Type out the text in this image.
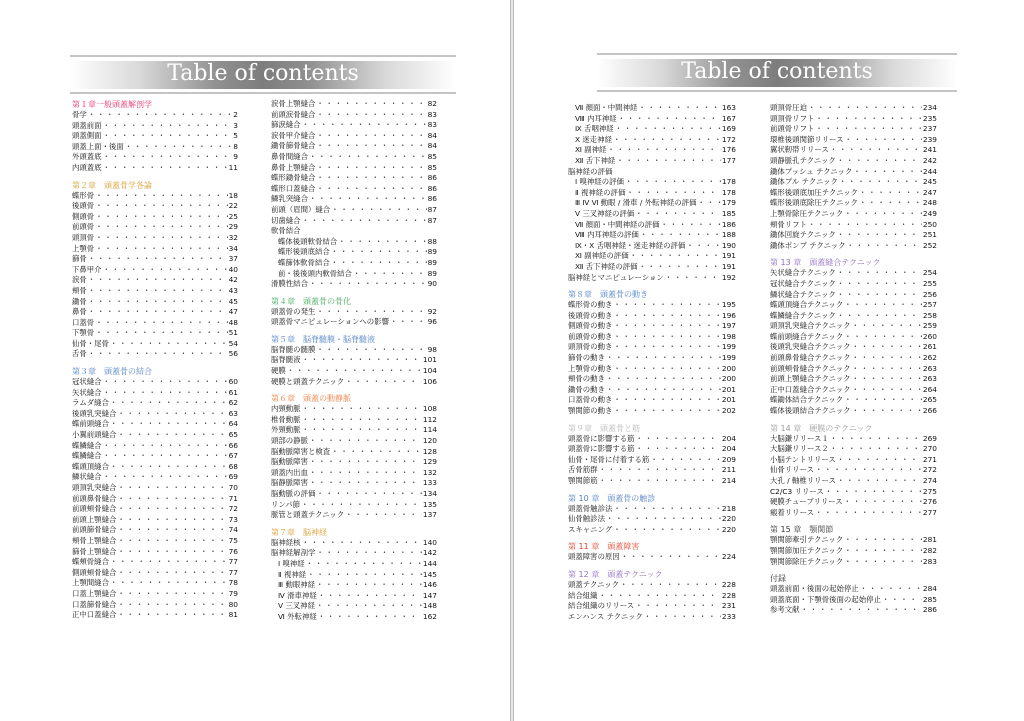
Table of contents
第１章一般頭蓋解剖学
骨学 ・・・・・・・・・・・・・・・・・・・・・・・・・・・・・・・・・・・・・・・・・・・・・・・・	2
頭蓋前面 ・・・・・・・・・・・・・・・・・・・・・・・・・・・・・・・・・・・・・・・・・・・・・・・・	3
頭蓋側面 ・・・・・・・・・・・・・・・・・・・・・・・・・・・・・・・・・・・・・・・・・・・・・・・・	5
頭蓋上面・後面 ・・・・・・・・・・・・・・・・・・・・・・・・・・・・・・・・・・・・・・・・・・・・・・・・	8
外頭蓋底 ・・・・・・・・・・・・・・・・・・・・・・・・・・・・・・・・・・・・・・・・・・・・・・・・	9
内頭蓋底 ・・・・・・・・・・・・・・・・・・・・・・・・・・・・・・・・・・・・・・・・・・・・・・・・	11
第２章　頭蓋骨学各論
蝶形骨 ・・・・・・・・・・・・・・・・・・・・・・・・・・・・・・・・・・・・・・・・・・・・・・・・	18
後頭骨 ・・・・・・・・・・・・・・・・・・・・・・・・・・・・・・・・・・・・・・・・・・・・・・・・	22
側頭骨 ・・・・・・・・・・・・・・・・・・・・・・・・・・・・・・・・・・・・・・・・・・・・・・・・	25
前頭骨 ・・・・・・・・・・・・・・・・・・・・・・・・・・・・・・・・・・・・・・・・・・・・・・・・	29
頭頂骨 ・・・・・・・・・・・・・・・・・・・・・・・・・・・・・・・・・・・・・・・・・・・・・・・・	32
上顎骨 ・・・・・・・・・・・・・・・・・・・・・・・・・・・・・・・・・・・・・・・・・・・・・・・・	34
篩骨 ・・・・・・・・・・・・・・・・・・・・・・・・・・・・・・・・・・・・・・・・・・・・・・・・	37
下鼻甲介 ・・・・・・・・・・・・・・・・・・・・・・・・・・・・・・・・・・・・・・・・・・・・・・・・	40
涙骨 ・・・・・・・・・・・・・・・・・・・・・・・・・・・・・・・・・・・・・・・・・・・・・・・・	42
頬骨 ・・・・・・・・・・・・・・・・・・・・・・・・・・・・・・・・・・・・・・・・・・・・・・・・	43
鋤骨 ・・・・・・・・・・・・・・・・・・・・・・・・・・・・・・・・・・・・・・・・・・・・・・・・	45
鼻骨 ・・・・・・・・・・・・・・・・・・・・・・・・・・・・・・・・・・・・・・・・・・・・・・・・	47
口蓋骨 ・・・・・・・・・・・・・・・・・・・・・・・・・・・・・・・・・・・・・・・・・・・・・・・・	48
下顎骨 ・・・・・・・・・・・・・・・・・・・・・・・・・・・・・・・・・・・・・・・・・・・・・・・・	51
仙骨・尾骨 ・・・・・・・・・・・・・・・・・・・・・・・・・・・・・・・・・・・・・・・・・・・・・・・・	54
舌骨 ・・・・・・・・・・・・・・・・・・・・・・・・・・・・・・・・・・・・・・・・・・・・・・・・	56
第３章　頭蓋骨の結合
冠状縫合 ・・・・・・・・・・・・・・・・・・・・・・・・・・・・・・・・・・・・・・・・・・・・・・・・	60
矢状縫合 ・・・・・・・・・・・・・・・・・・・・・・・・・・・・・・・・・・・・・・・・・・・・・・・・	61
ラムダ縫合 ・・・・・・・・・・・・・・・・・・・・・・・・・・・・・・・・・・・・・・・・・・・・・・・・	62
後頭乳突縫合 ・・・・・・・・・・・・・・・・・・・・・・・・・・・・・・・・・・・・・・・・・・・・・・・・	63
蝶前頭縫合 ・・・・・・・・・・・・・・・・・・・・・・・・・・・・・・・・・・・・・・・・・・・・・・・・	64
小翼前頭縫合 ・・・・・・・・・・・・・・・・・・・・・・・・・・・・・・・・・・・・・・・・・・・・・・・・	65
蝶鱗縫合 ・・・・・・・・・・・・・・・・・・・・・・・・・・・・・・・・・・・・・・・・・・・・・・・・	66
蝶鱗縫合 ・・・・・・・・・・・・・・・・・・・・・・・・・・・・・・・・・・・・・・・・・・・・・・・・	67
蝶頭頂縫合 ・・・・・・・・・・・・・・・・・・・・・・・・・・・・・・・・・・・・・・・・・・・・・・・・	68
鱗状縫合 ・・・・・・・・・・・・・・・・・・・・・・・・・・・・・・・・・・・・・・・・・・・・・・・・	69
頭頂乳突縫合 ・・・・・・・・・・・・・・・・・・・・・・・・・・・・・・・・・・・・・・・・・・・・・・・・	70
前頭鼻骨縫合 ・・・・・・・・・・・・・・・・・・・・・・・・・・・・・・・・・・・・・・・・・・・・・・・・	71
前頭頬骨縫合 ・・・・・・・・・・・・・・・・・・・・・・・・・・・・・・・・・・・・・・・・・・・・・・・・	72
前頭上顎縫合 ・・・・・・・・・・・・・・・・・・・・・・・・・・・・・・・・・・・・・・・・・・・・・・・・	73
前頭篩骨縫合 ・・・・・・・・・・・・・・・・・・・・・・・・・・・・・・・・・・・・・・・・・・・・・・・・	74
頬骨上顎縫合 ・・・・・・・・・・・・・・・・・・・・・・・・・・・・・・・・・・・・・・・・・・・・・・・・	75
篩骨上顎縫合 ・・・・・・・・・・・・・・・・・・・・・・・・・・・・・・・・・・・・・・・・・・・・・・・・	76
蝶頬骨縫合 ・・・・・・・・・・・・・・・・・・・・・・・・・・・・・・・・・・・・・・・・・・・・・・・・	77
側頭頬骨縫合 ・・・・・・・・・・・・・・・・・・・・・・・・・・・・・・・・・・・・・・・・・・・・・・・・	77
上顎間縫合 ・・・・・・・・・・・・・・・・・・・・・・・・・・・・・・・・・・・・・・・・・・・・・・・・	78
口蓋上顎縫合 ・・・・・・・・・・・・・・・・・・・・・・・・・・・・・・・・・・・・・・・・・・・・・・・・	79
口蓋篩骨縫合 ・・・・・・・・・・・・・・・・・・・・・・・・・・・・・・・・・・・・・・・・・・・・・・・・	80
正中口蓋縫合 ・・・・・・・・・・・・・・・・・・・・・・・・・・・・・・・・・・・・・・・・・・・・・・・・	81
涙骨上顎縫合 ・・・・・・・・・・・・・・・・・・・・・・・・・・・・・・・・・・・・・・・・・・・・・・・・	82
前頭涙骨縫合 ・・・・・・・・・・・・・・・・・・・・・・・・・・・・・・・・・・・・・・・・・・・・・・・・	83
篩涙縫合 ・・・・・・・・・・・・・・・・・・・・・・・・・・・・・・・・・・・・・・・・・・・・・・・・	83
涙骨甲介縫合 ・・・・・・・・・・・・・・・・・・・・・・・・・・・・・・・・・・・・・・・・・・・・・・・・	84
鋤骨篩骨縫合 ・・・・・・・・・・・・・・・・・・・・・・・・・・・・・・・・・・・・・・・・・・・・・・・・	84
鼻骨間縫合 ・・・・・・・・・・・・・・・・・・・・・・・・・・・・・・・・・・・・・・・・・・・・・・・・	85
鼻骨上顎縫合 ・・・・・・・・・・・・・・・・・・・・・・・・・・・・・・・・・・・・・・・・・・・・・・・・	85
蝶形鋤骨縫合 ・・・・・・・・・・・・・・・・・・・・・・・・・・・・・・・・・・・・・・・・・・・・・・・・	86
蝶形口蓋縫合 ・・・・・・・・・・・・・・・・・・・・・・・・・・・・・・・・・・・・・・・・・・・・・・・・	86
鱗乳突縫合 ・・・・・・・・・・・・・・・・・・・・・・・・・・・・・・・・・・・・・・・・・・・・・・・・	86
前頭（眉間）縫合 ・・・・・・・・・・・・・・・・・・・・・・・・・・・・・・・・・・・・・・・・・・・・・・・・	87
切歯縫合 ・・・・・・・・・・・・・・・・・・・・・・・・・・・・・・・・・・・・・・・・・・・・・・・・	87
軟骨結合
蝶体後頭軟骨結合 ・・・・・・・・・・・・・・・・・・・・・・・・・・・・・・・・・・・・・・・・・・・・・・・・	88
蝶形後頭底結合 ・・・・・・・・・・・・・・・・・・・・・・・・・・・・・・・・・・・・・・・・・・・・・・・・	89
蝶篩体軟骨結合 ・・・・・・・・・・・・・・・・・・・・・・・・・・・・・・・・・・・・・・・・・・・・・・・・	89
前・後後頭内軟骨結合 ・・・・・・・・・・・・・・・・・・・・・・・・・・・・・・・・・・・・・・・・・・・・・・・・	89
滑膜性結合 ・・・・・・・・・・・・・・・・・・・・・・・・・・・・・・・・・・・・・・・・・・・・・・・・	90
第４章　頭蓋骨の骨化
頭蓋骨の発生 ・・・・・・・・・・・・・・・・・・・・・・・・・・・・・・・・・・・・・・・・・・・・・・・・	92
頭蓋骨マニピュレーションへの影響 ・・・・・・・・・・・・・・・・・・・・・・・・・・・・・・・・・・・・・・・・・・・・・・・・	96
第５章　脳脊髄膜・脳脊髄液
脳脊髄の髄膜 ・・・・・・・・・・・・・・・・・・・・・・・・・・・・・・・・・・・・・・・・・・・・・・・・	98
脳脊髄液 ・・・・・・・・・・・・・・・・・・・・・・・・・・・・・・・・・・・・・・・・・・・・・・・・	101
硬膜 ・・・・・・・・・・・・・・・・・・・・・・・・・・・・・・・・・・・・・・・・・・・・・・・・	104
硬膜と頭蓋テクニック ・・・・・・・・・・・・・・・・・・・・・・・・・・・・・・・・・・・・・・・・・・・・・・・・	106
第６章　頭蓋の動静脈
内頸動脈 ・・・・・・・・・・・・・・・・・・・・・・・・・・・・・・・・・・・・・・・・・・・・・・・・	108
椎骨動脈 ・・・・・・・・・・・・・・・・・・・・・・・・・・・・・・・・・・・・・・・・・・・・・・・・	112
外頸動脈 ・・・・・・・・・・・・・・・・・・・・・・・・・・・・・・・・・・・・・・・・・・・・・・・・	114
頭部の静脈 ・・・・・・・・・・・・・・・・・・・・・・・・・・・・・・・・・・・・・・・・・・・・・・・・	120
脳動脈障害と検査 ・・・・・・・・・・・・・・・・・・・・・・・・・・・・・・・・・・・・・・・・・・・・・・・・	128
脳動脈障害 ・・・・・・・・・・・・・・・・・・・・・・・・・・・・・・・・・・・・・・・・・・・・・・・・	129
頭蓋内出血 ・・・・・・・・・・・・・・・・・・・・・・・・・・・・・・・・・・・・・・・・・・・・・・・・	132
脳静脈障害 ・・・・・・・・・・・・・・・・・・・・・・・・・・・・・・・・・・・・・・・・・・・・・・・・	133
脳動脈の評価 ・・・・・・・・・・・・・・・・・・・・・・・・・・・・・・・・・・・・・・・・・・・・・・・・	134
リンパ節 ・・・・・・・・・・・・・・・・・・・・・・・・・・・・・・・・・・・・・・・・・・・・・・・・	135
脈管と頭蓋テクニック ・・・・・・・・・・・・・・・・・・・・・・・・・・・・・・・・・・・・・・・・・・・・・・・・	137
第７章　脳神経
脳神経核 ・・・・・・・・・・・・・・・・・・・・・・・・・・・・・・・・・・・・・・・・・・・・・・・・	140
脳神経解剖学 ・・・・・・・・・・・・・・・・・・・・・・・・・・・・・・・・・・・・・・・・・・・・・・・・	142
Ⅰ 嗅神経 ・・・・・・・・・・・・・・・・・・・・・・・・・・・・・・・・・・・・・・・・・・・・・・・・	144
Ⅱ 視神経 ・・・・・・・・・・・・・・・・・・・・・・・・・・・・・・・・・・・・・・・・・・・・・・・・	145
Ⅲ 動眼神経 ・・・・・・・・・・・・・・・・・・・・・・・・・・・・・・・・・・・・・・・・・・・・・・・・	146
Ⅳ 滑車神経 ・・・・・・・・・・・・・・・・・・・・・・・・・・・・・・・・・・・・・・・・・・・・・・・・	147
Ⅴ 三叉神経 ・・・・・・・・・・・・・・・・・・・・・・・・・・・・・・・・・・・・・・・・・・・・・・・・	148
Ⅵ 外転神経 ・・・・・・・・・・・・・・・・・・・・・・・・・・・・・・・・・・・・・・・・・・・・・・・・	162
Table of contents
Ⅶ 顔面・中間神経 ・・・・・・・・・・・・・・・・・・・・・・・・・・・・・・・・・・・・・・・・・・・・・・・・	163
Ⅷ 内耳神経 ・・・・・・・・・・・・・・・・・・・・・・・・・・・・・・・・・・・・・・・・・・・・・・・・	167
Ⅸ 舌咽神経 ・・・・・・・・・・・・・・・・・・・・・・・・・・・・・・・・・・・・・・・・・・・・・・・・	169
Ⅹ 迷走神経 ・・・・・・・・・・・・・・・・・・・・・・・・・・・・・・・・・・・・・・・・・・・・・・・・	172
Ⅺ 副神経 ・・・・・・・・・・・・・・・・・・・・・・・・・・・・・・・・・・・・・・・・・・・・・・・・	176
Ⅻ 舌下神経 ・・・・・・・・・・・・・・・・・・・・・・・・・・・・・・・・・・・・・・・・・・・・・・・・	177
脳神経の評価
Ⅰ 嗅神経の評価 ・・・・・・・・・・・・・・・・・・・・・・・・・・・・・・・・・・・・・・・・・・・・・・・・	178
Ⅱ 視神経の評価 ・・・・・・・・・・・・・・・・・・・・・・・・・・・・・・・・・・・・・・・・・・・・・・・・	178
Ⅲ Ⅳ Ⅵ 動眼 / 滑車 / 外転神経の評価 ・・・・・・・・・・・・・・・・・・・・・・・・・・・・・・・・・・・・・・・・・・・・・・・・	179
Ⅴ 三叉神経の評価 ・・・・・・・・・・・・・・・・・・・・・・・・・・・・・・・・・・・・・・・・・・・・・・・・	185
Ⅶ 顔面・中間神経の評価 ・・・・・・・・・・・・・・・・・・・・・・・・・・・・・・・・・・・・・・・・・・・・・・・・	186
Ⅷ 内耳神経の評価 ・・・・・・・・・・・・・・・・・・・・・・・・・・・・・・・・・・・・・・・・・・・・・・・・	188
Ⅸ・Ⅹ 舌咽神経・迷走神経の評価 ・・・・・・・・・・・・・・・・・・・・・・・・・・・・・・・・・・・・・・・・・・・・・・・・	190
Ⅺ 副神経の評価 ・・・・・・・・・・・・・・・・・・・・・・・・・・・・・・・・・・・・・・・・・・・・・・・・	191
Ⅻ 舌下神経の評価 ・・・・・・・・・・・・・・・・・・・・・・・・・・・・・・・・・・・・・・・・・・・・・・・・	191
脳神経とマニピュレーション ・・・・・・・・・・・・・・・・・・・・・・・・・・・・・・・・・・・・・・・・・・・・・・・・	192
第８章　頭蓋骨の動き
蝶形骨の動き ・・・・・・・・・・・・・・・・・・・・・・・・・・・・・・・・・・・・・・・・・・・・・・・・	195
後頭骨の動き ・・・・・・・・・・・・・・・・・・・・・・・・・・・・・・・・・・・・・・・・・・・・・・・・	196
側頭骨の動き ・・・・・・・・・・・・・・・・・・・・・・・・・・・・・・・・・・・・・・・・・・・・・・・・	197
前頭骨の動き ・・・・・・・・・・・・・・・・・・・・・・・・・・・・・・・・・・・・・・・・・・・・・・・・	198
頭頂骨の動き ・・・・・・・・・・・・・・・・・・・・・・・・・・・・・・・・・・・・・・・・・・・・・・・・	199
篩骨の動き ・・・・・・・・・・・・・・・・・・・・・・・・・・・・・・・・・・・・・・・・・・・・・・・・	199
上顎骨の動き ・・・・・・・・・・・・・・・・・・・・・・・・・・・・・・・・・・・・・・・・・・・・・・・・	200
頬骨の動き ・・・・・・・・・・・・・・・・・・・・・・・・・・・・・・・・・・・・・・・・・・・・・・・・	200
鋤骨の動き ・・・・・・・・・・・・・・・・・・・・・・・・・・・・・・・・・・・・・・・・・・・・・・・・	201
口蓋骨の動き ・・・・・・・・・・・・・・・・・・・・・・・・・・・・・・・・・・・・・・・・・・・・・・・・	201
顎関節の動き ・・・・・・・・・・・・・・・・・・・・・・・・・・・・・・・・・・・・・・・・・・・・・・・・	202
第９章　頭蓋骨と筋
頭蓋骨に影響する筋 ・・・・・・・・・・・・・・・・・・・・・・・・・・・・・・・・・・・・・・・・・・・・・・・・	204
頭蓋骨に影響する筋 ・・・・・・・・・・・・・・・・・・・・・・・・・・・・・・・・・・・・・・・・・・・・・・・・	204
仙骨・尾骨に付着する筋 ・・・・・・・・・・・・・・・・・・・・・・・・・・・・・・・・・・・・・・・・・・・・・・・・	209
舌骨筋群 ・・・・・・・・・・・・・・・・・・・・・・・・・・・・・・・・・・・・・・・・・・・・・・・・	211
顎関節筋 ・・・・・・・・・・・・・・・・・・・・・・・・・・・・・・・・・・・・・・・・・・・・・・・・	214
第 10 章　頭蓋骨の触診
頭蓋骨触診法 ・・・・・・・・・・・・・・・・・・・・・・・・・・・・・・・・・・・・・・・・・・・・・・・・	218
仙骨触診法 ・・・・・・・・・・・・・・・・・・・・・・・・・・・・・・・・・・・・・・・・・・・・・・・・	220
スキャニング ・・・・・・・・・・・・・・・・・・・・・・・・・・・・・・・・・・・・・・・・・・・・・・・・	220
第 11 章　頭蓋障害
頭蓋障害の原因 ・・・・・・・・・・・・・・・・・・・・・・・・・・・・・・・・・・・・・・・・・・・・・・・・	224
第 12 章　頭蓋テクニック
頭蓋テクニック ・・・・・・・・・・・・・・・・・・・・・・・・・・・・・・・・・・・・・・・・・・・・・・・・	228
結合組織 ・・・・・・・・・・・・・・・・・・・・・・・・・・・・・・・・・・・・・・・・・・・・・・・・	228
結合組織のリリース ・・・・・・・・・・・・・・・・・・・・・・・・・・・・・・・・・・・・・・・・・・・・・・・・	231
エンハンス テクニック ・・・・・・・・・・・・・・・・・・・・・・・・・・・・・・・・・・・・・・・・・・・・・・・・	233
頭頂骨圧迫 ・・・・・・・・・・・・・・・・・・・・・・・・・・・・・・・・・・・・・・・・・・・・・・・・	234
頭頂骨リフト ・・・・・・・・・・・・・・・・・・・・・・・・・・・・・・・・・・・・・・・・・・・・・・・・	235
前頭骨リフト ・・・・・・・・・・・・・・・・・・・・・・・・・・・・・・・・・・・・・・・・・・・・・・・・	237
環椎後頭関節リリース ・・・・・・・・・・・・・・・・・・・・・・・・・・・・・・・・・・・・・・・・・・・・・・・・	239
翼状靭帯リリース ・・・・・・・・・・・・・・・・・・・・・・・・・・・・・・・・・・・・・・・・・・・・・・・・	241
頭静脈孔テクニック ・・・・・・・・・・・・・・・・・・・・・・・・・・・・・・・・・・・・・・・・・・・・・・・・	242
鋤体プッシュ テクニック ・・・・・・・・・・・・・・・・・・・・・・・・・・・・・・・・・・・・・・・・・・・・・・・・	244
鋤体プル テクニック ・・・・・・・・・・・・・・・・・・・・・・・・・・・・・・・・・・・・・・・・・・・・・・・・	245
蝶形後頭底加圧テクニック ・・・・・・・・・・・・・・・・・・・・・・・・・・・・・・・・・・・・・・・・・・・・・・・・	247
蝶形後頭底除圧テクニック ・・・・・・・・・・・・・・・・・・・・・・・・・・・・・・・・・・・・・・・・・・・・・・・・	248
上顎骨除圧テクニック ・・・・・・・・・・・・・・・・・・・・・・・・・・・・・・・・・・・・・・・・・・・・・・・・	249
頬骨リフト ・・・・・・・・・・・・・・・・・・・・・・・・・・・・・・・・・・・・・・・・・・・・・・・・	250
鋤体回旋テクニック ・・・・・・・・・・・・・・・・・・・・・・・・・・・・・・・・・・・・・・・・・・・・・・・・	251
鋤体ポンプ テクニック ・・・・・・・・・・・・・・・・・・・・・・・・・・・・・・・・・・・・・・・・・・・・・・・・	252
第 13 章　頭蓋縫合テクニック
矢状縫合テクニック ・・・・・・・・・・・・・・・・・・・・・・・・・・・・・・・・・・・・・・・・・・・・・・・・	254
冠状縫合テクニック ・・・・・・・・・・・・・・・・・・・・・・・・・・・・・・・・・・・・・・・・・・・・・・・・	255
鱗状縫合テクニック ・・・・・・・・・・・・・・・・・・・・・・・・・・・・・・・・・・・・・・・・・・・・・・・・	256
蝶頭頂縫合テクニック ・・・・・・・・・・・・・・・・・・・・・・・・・・・・・・・・・・・・・・・・・・・・・・・・	257
蝶鱗縫合テクニック ・・・・・・・・・・・・・・・・・・・・・・・・・・・・・・・・・・・・・・・・・・・・・・・・	258
頭頂乳突縫合テクニック ・・・・・・・・・・・・・・・・・・・・・・・・・・・・・・・・・・・・・・・・・・・・・・・・	259
蝶前頭縫合テクニック ・・・・・・・・・・・・・・・・・・・・・・・・・・・・・・・・・・・・・・・・・・・・・・・・	260
後頭乳突縫合テクニック ・・・・・・・・・・・・・・・・・・・・・・・・・・・・・・・・・・・・・・・・・・・・・・・・	261
前頭鼻骨縫合テクニック ・・・・・・・・・・・・・・・・・・・・・・・・・・・・・・・・・・・・・・・・・・・・・・・・	262
前頭頬骨縫合テクニック ・・・・・・・・・・・・・・・・・・・・・・・・・・・・・・・・・・・・・・・・・・・・・・・・	263
前頭上顎縫合テクニック ・・・・・・・・・・・・・・・・・・・・・・・・・・・・・・・・・・・・・・・・・・・・・・・・	263
正中口蓋縫合テクニック ・・・・・・・・・・・・・・・・・・・・・・・・・・・・・・・・・・・・・・・・・・・・・・・・	264
蝶鋤体結合テクニック ・・・・・・・・・・・・・・・・・・・・・・・・・・・・・・・・・・・・・・・・・・・・・・・・	265
蝶体後頭結合テクニック ・・・・・・・・・・・・・・・・・・・・・・・・・・・・・・・・・・・・・・・・・・・・・・・・	266
第 14 章　硬膜のテクニック
大脳鎌リリース１ ・・・・・・・・・・・・・・・・・・・・・・・・・・・・・・・・・・・・・・・・・・・・・・・・	269
大脳鎌リリース２ ・・・・・・・・・・・・・・・・・・・・・・・・・・・・・・・・・・・・・・・・・・・・・・・・	270
小脳テントリリース ・・・・・・・・・・・・・・・・・・・・・・・・・・・・・・・・・・・・・・・・・・・・・・・・	271
仙骨リリース ・・・・・・・・・・・・・・・・・・・・・・・・・・・・・・・・・・・・・・・・・・・・・・・・	272
大孔 / 軸椎リリース ・・・・・・・・・・・・・・・・・・・・・・・・・・・・・・・・・・・・・・・・・・・・・・・・	274
C2/C3 リリース ・・・・・・・・・・・・・・・・・・・・・・・・・・・・・・・・・・・・・・・・・・・・・・・・	275
硬膜チューブリリース ・・・・・・・・・・・・・・・・・・・・・・・・・・・・・・・・・・・・・・・・・・・・・・・・	276
瘢着リリース ・・・・・・・・・・・・・・・・・・・・・・・・・・・・・・・・・・・・・・・・・・・・・・・・	277
第 15 章　顎関節
顎関節牽引テクニック ・・・・・・・・・・・・・・・・・・・・・・・・・・・・・・・・・・・・・・・・・・・・・・・・	281
顎関節加圧テクニック ・・・・・・・・・・・・・・・・・・・・・・・・・・・・・・・・・・・・・・・・・・・・・・・・	282
顎関節除圧テクニック ・・・・・・・・・・・・・・・・・・・・・・・・・・・・・・・・・・・・・・・・・・・・・・・・	283
付録
頭蓋前面・後面の起始停止 ・・・・・・・・・・・・・・・・・・・・・・・・・・・・・・・・・・・・・・・・・・・・・・・・	284
頭蓋底面・下顎骨後面の起始停止 ・・・・・・・・・・・・・・・・・・・・・・・・・・・・・・・・・・・・・・・・・・・・・・・・	285
参考文献 ・・・・・・・・・・・・・・・・・・・・・・・・・・・・・・・・・・・・・・・・・・・・・・・・	286
